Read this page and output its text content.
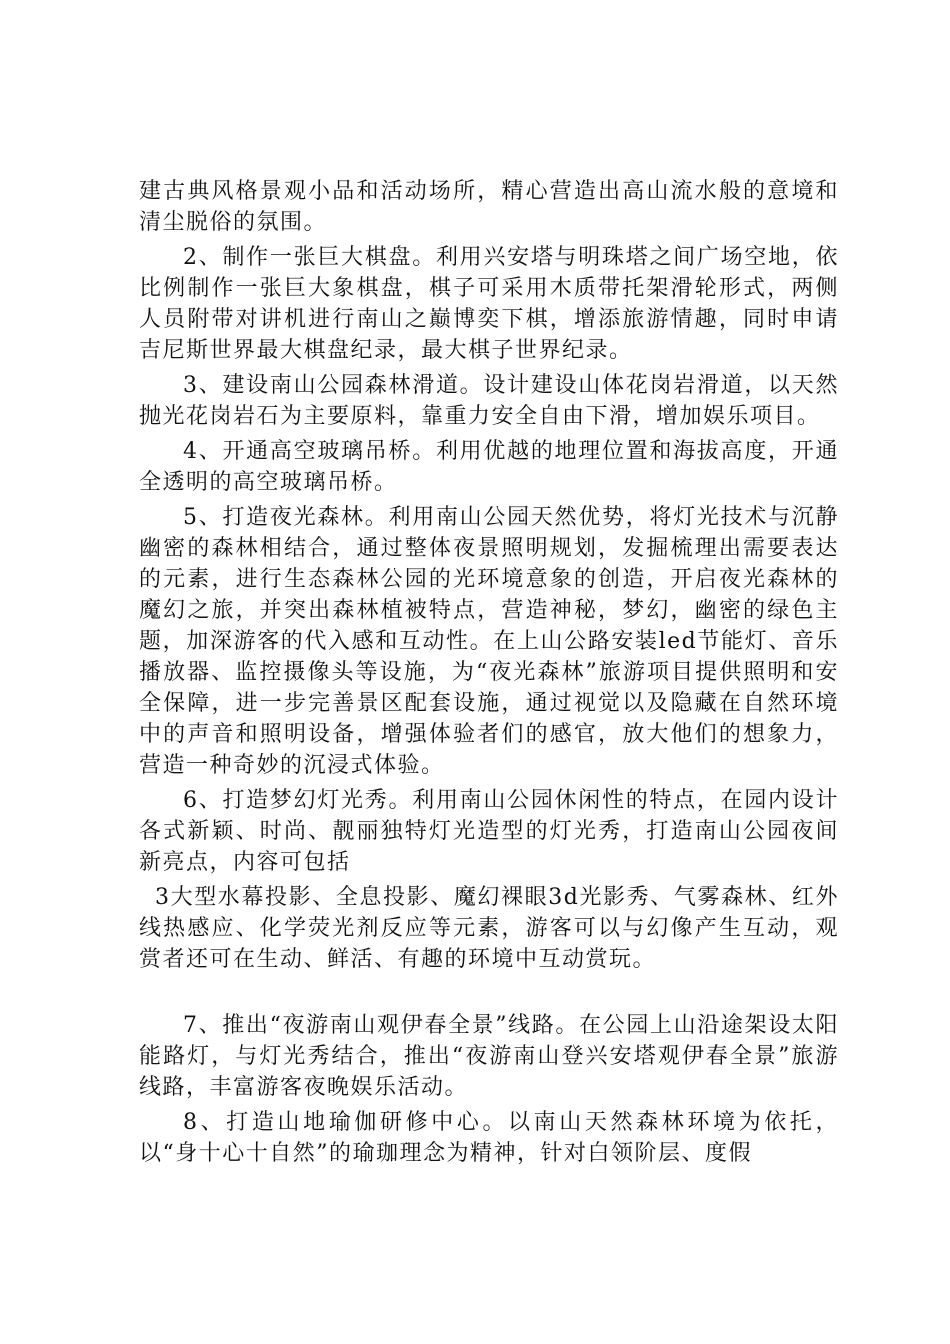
建古典风格景观小品和活动场所，精心营造出高山流水般的意境和清尘脱俗的氛围。

2、制作一张巨大棋盘。利用兴安塔与明珠塔之间广场空地，依比例制作一张巨大象棋盘，棋子可采用木质带托架滑轮形式，两侧人员附带对讲机进行南山之巅博奕下棋，增添旅游情趣，同时申请吉尼斯世界最大棋盘纪录，最大棋子世界纪录。

3、建设南山公园森林滑道。设计建设山体花岗岩滑道，以天然抛光花岗岩石为主要原料，靠重力安全自由下滑，增加娱乐项目。

4、开通高空玻璃吊桥。利用优越的地理位置和海拔高度，开通全透明的高空玻璃吊桥。

5、打造夜光森林。利用南山公园天然优势，将灯光技术与沉静幽密的森林相结合，通过整体夜景照明规划，发掘梳理出需要表达的元素，进行生态森林公园的光环境意象的创造，开启夜光森林的魔幻之旅，并突出森林植被特点，营造神秘，梦幻，幽密的绿色主题，加深游客的代入感和互动性。在上山公路安装led节能灯、音乐播放器、监控摄像头等设施，为“夜光森林”旅游项目提供照明和安全保障，进一步完善景区配套设施，通过视觉以及隐藏在自然环境中的声音和照明设备，增强体验者们的感官，放大他们的想象力，营造一种奇妙的沉浸式体验。

6、打造梦幻灯光秀。利用南山公园休闲性的特点，在园内设计各式新颖、时尚、靓丽独特灯光造型的灯光秀，打造南山公园夜间新亮点，内容可包括

3大型水幕投影、全息投影、魔幻裸眼3d光影秀、气雾森林、红外线热感应、化学荧光剂反应等元素，游客可以与幻像产生互动，观赏者还可在生动、鲜活、有趣的环境中互动赏玩。

7、推出“夜游南山观伊春全景”线路。在公园上山沿途架设太阳能路灯，与灯光秀结合，推出“夜游南山登兴安塔观伊春全景”旅游线路，丰富游客夜晚娱乐活动。

8、打造山地瑜伽研修中心。以南山天然森林环境为依托，以“身十心十自然”的瑜珈理念为精神，针对白领阶层、度假
